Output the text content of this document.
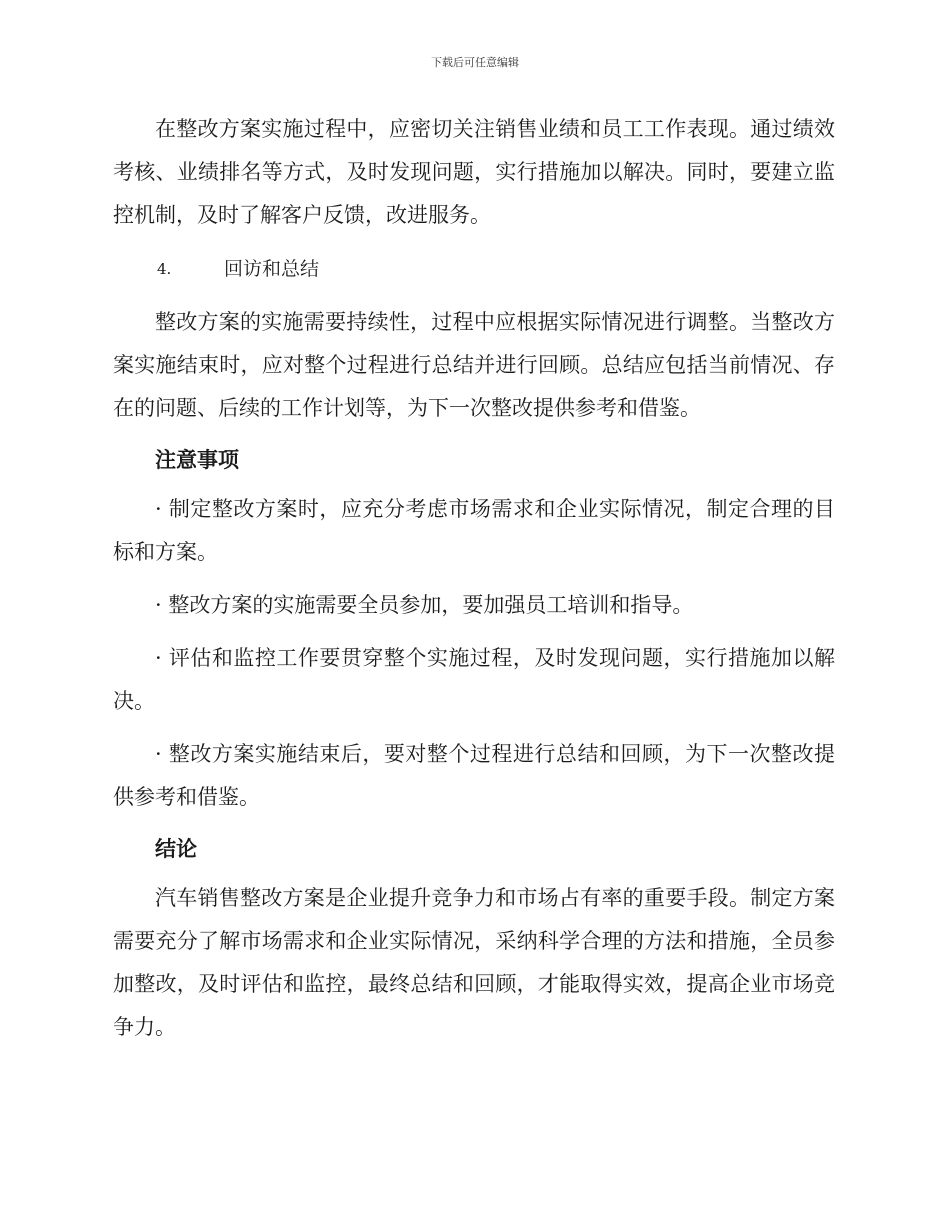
下载后可任意编辑

在整改方案实施过程中，应密切关注销售业绩和员工工作表现。通过绩效考核、业绩排名等方式，及时发现问题，实行措施加以解决。同时，要建立监控机制，及时了解客户反馈，改进服务。

4.	回访和总结

整改方案的实施需要持续性，过程中应根据实际情况进行调整。当整改方案实施结束时，应对整个过程进行总结并进行回顾。总结应包括当前情况、存在的问题、后续的工作计划等，为下一次整改提供参考和借鉴。

注意事项

· 制定整改方案时，应充分考虑市场需求和企业实际情况，制定合理的目标和方案。

· 整改方案的实施需要全员参加，要加强员工培训和指导。

· 评估和监控工作要贯穿整个实施过程，及时发现问题，实行措施加以解决。

· 整改方案实施结束后，要对整个过程进行总结和回顾，为下一次整改提供参考和借鉴。

结论

汽车销售整改方案是企业提升竞争力和市场占有率的重要手段。制定方案需要充分了解市场需求和企业实际情况，采纳科学合理的方法和措施，全员参加整改，及时评估和监控，最终总结和回顾，才能取得实效，提高企业市场竞争力。
